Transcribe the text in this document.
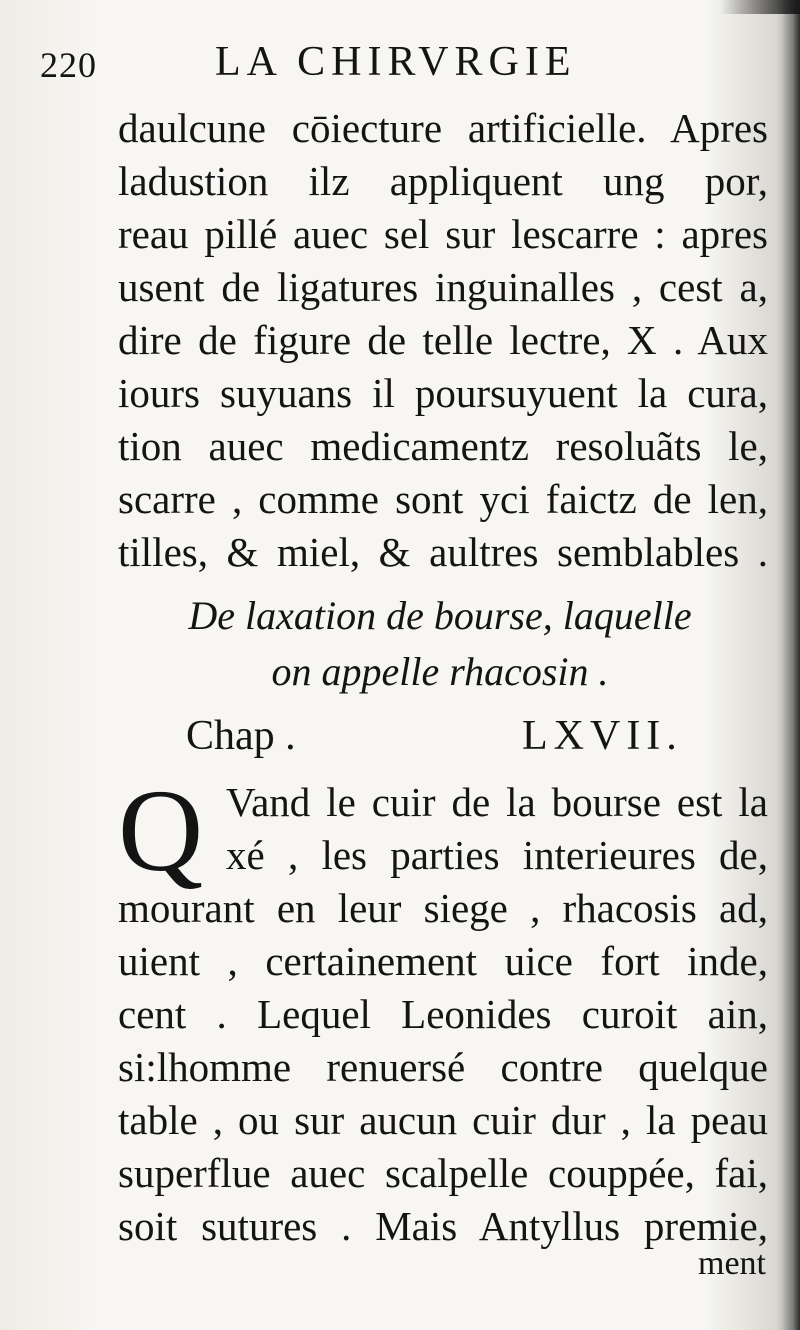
220	LA CHIRVRGIE
daulcune cōiecture artificielle. Apres
ladustion ilz appliquent ung por,
reau pillé auec sel sur lescarre : apres
usent de ligatures inguinalles , cest a,
dire de figure de telle lectre, X . Aux
iours suyuans il poursuyuent la cura,
tion auec medicamentz resoluãts le,
scarre , comme sont yci faictz de len,
tilles, & miel, & aultres semblables .
De laxation de bourse, laquelle
on appelle rhacosin .
Chap .	LXVII.
Q Vand le cuir de la bourse est la
xé , les parties interieures de,
mourant en leur siege , rhacosis ad,
uient , certainement uice fort inde,
cent . Lequel Leonides curoit ain,
si:lhomme renuersé contre quelque
table , ou sur aucun cuir dur , la peau
superflue auec scalpelle couppée, fai,
soit sutures . Mais Antyllus premie,
ment
